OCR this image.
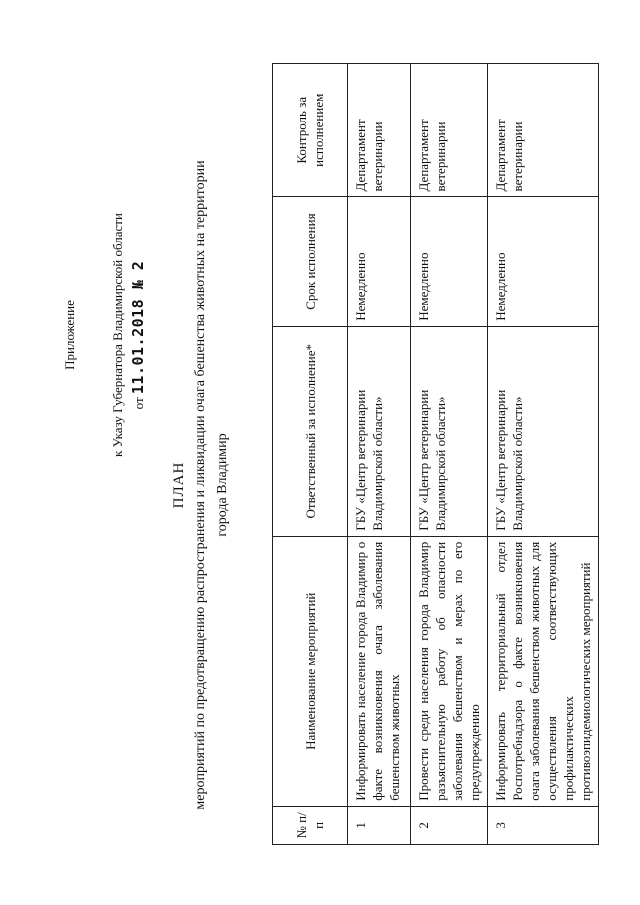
Приложение	к Указу Губернатора Владимирской области от 11.01.2018 № 2
ПЛАН мероприятий по предотвращению распространения и ликвидации очага бешенства животных на территории города Владимир
№ п/п	Наименование мероприятий	Ответственный за исполнение*	Срок исполнения	Контроль за исполнением
1	Информировать население города Владимир о факте возникновения очага заболевания бешенством животных	ГБУ «Центр ветеринарии Владимирской области»	Немедленно	Департамент ветеринарии
2	Провести среди населения города Владимир разъяснительную работу об опасности заболевания бешенством и мерах по его предупреждению	ГБУ «Центр ветеринарии Владимирской области»	Немедленно	Департамент ветеринарии
3	Информировать территориальный отдел Роспотребнадзора о факте возникновения очага заболевания бешенством животных для осуществления соответствующих профилактических противоэпидемиологических мероприятий	ГБУ «Центр ветеринарии Владимирской области»	Немедленно	Департамент ветеринарии
